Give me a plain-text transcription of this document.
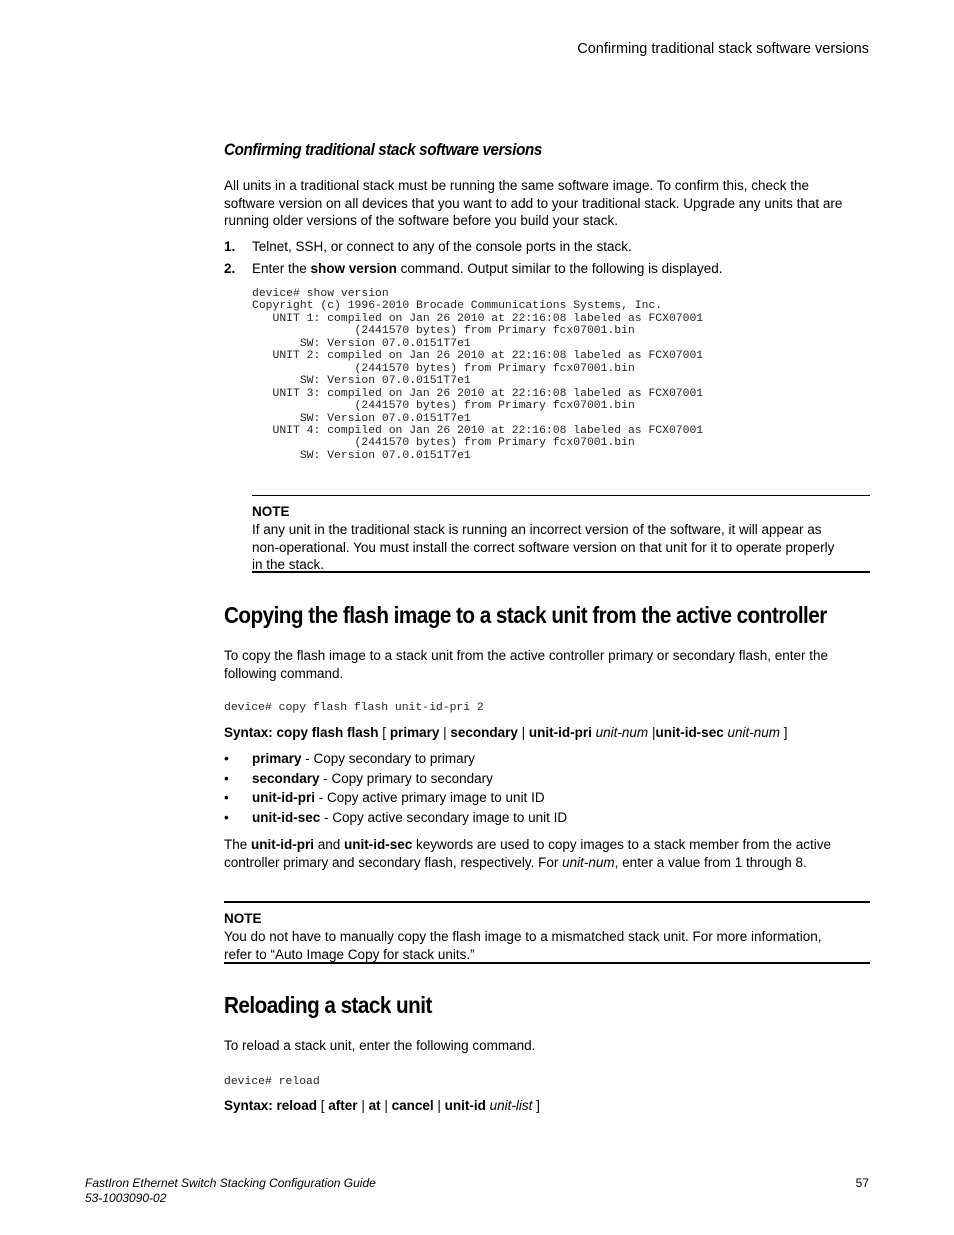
Confirming traditional stack software versions
Confirming traditional stack software versions
All units in a traditional stack must be running the same software image. To confirm this, check the
software version on all devices that you want to add to your traditional stack. Upgrade any units that are
running older versions of the software before you build your stack.
1. Telnet, SSH, or connect to any of the console ports in the stack.
2. Enter the show version command. Output similar to the following is displayed.
device# show version
Copyright (c) 1996-2010 Brocade Communications Systems, Inc.
UNIT 1: compiled on Jan 26 2010 at 22:16:08 labeled as FCX07001
(2441570 bytes) from Primary fcx07001.bin
SW: Version 07.0.0151T7e1
UNIT 2: compiled on Jan 26 2010 at 22:16:08 labeled as FCX07001
(2441570 bytes) from Primary fcx07001.bin
SW: Version 07.0.0151T7e1
UNIT 3: compiled on Jan 26 2010 at 22:16:08 labeled as FCX07001
(2441570 bytes) from Primary fcx07001.bin
SW: Version 07.0.0151T7e1
UNIT 4: compiled on Jan 26 2010 at 22:16:08 labeled as FCX07001
(2441570 bytes) from Primary fcx07001.bin
SW: Version 07.0.0151T7e1
NOTE
If any unit in the traditional stack is running an incorrect version of the software, it will appear as
non-operational. You must install the correct software version on that unit for it to operate properly
in the stack.
Copying the flash image to a stack unit from the active controller
To copy the flash image to a stack unit from the active controller primary or secondary flash, enter the
following command.
device# copy flash flash unit-id-pri 2
Syntax: copy flash flash [ primary | secondary | unit-id-pri unit-num |unit-id-sec unit-num ]
• primary - Copy secondary to primary
• secondary - Copy primary to secondary
• unit-id-pri - Copy active primary image to unit ID
• unit-id-sec - Copy active secondary image to unit ID
The unit-id-pri and unit-id-sec keywords are used to copy images to a stack member from the active
controller primary and secondary flash, respectively. For unit-num, enter a value from 1 through 8.
NOTE
You do not have to manually copy the flash image to a mismatched stack unit. For more information,
refer to “Auto Image Copy for stack units.”
Reloading a stack unit
To reload a stack unit, enter the following command.
device# reload
Syntax: reload [ after | at | cancel | unit-id unit-list ]
FastIron Ethernet Switch Stacking Configuration Guide
53-1003090-02
57
